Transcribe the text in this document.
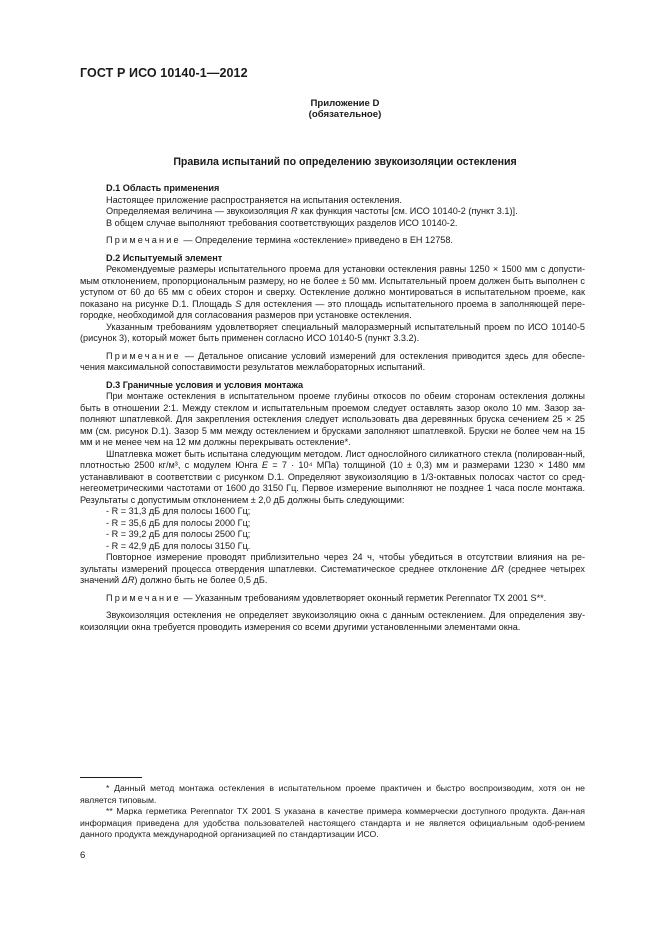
ГОСТ Р ИСО 10140-1—2012
Приложение D
(обязательное)
Правила испытаний по определению звукоизоляции остекления

D.1 Область применения

Настоящее приложение распространяется на испытания остекления.

Определяемая величина — звукоизоляция R как функция частоты [см. ИСО 10140-2 (пункт 3.1)].

В общем случае выполняют требования соответствующих разделов ИСО 10140-2.

Примечание — Определение термина «остекление» приведено в ЕН 12758.

D.2 Испытуемый элемент

Рекомендуемые размеры испытательного проема для установки остекления равны 1250 × 1500 мм с допусти-мым отклонением, пропорциональным размеру, но не более ± 50 мм. Испытательный проем должен быть выполнен с уступом от 60 до 65 мм с обеих сторон и сверху. Остекление должно монтироваться в испытательном проеме, как показано на рисунке D.1. Площадь S для остекления — это площадь испытательного проема в заполняющей пере-городке, необходимой для согласования размеров при установке остекления.

Указанным требованиям удовлетворяет специальный малоразмерный испытательный проем по ИСО 10140-5 (рисунок 3), который может быть применен согласно ИСО 10140-5 (пункт 3.3.2).

Примечание — Детальное описание условий измерений для остекления приводится здесь для обеспе-чения максимальной сопоставимости результатов межлабораторных испытаний.

D.3 Граничные условия и условия монтажа

При монтаже остекления в испытательном проеме глубины откосов по обеим сторонам остекления должны быть в отношении 2:1. Между стеклом и испытательным проемом следует оставлять зазор около 10 мм. Зазор за-полняют шпатлевкой. Для закрепления остекления следует использовать два деревянных бруска сечением 25 × 25 мм (см. рисунок D.1). Зазор 5 мм между остеклением и брусками заполняют шпатлевкой. Бруски не более чем на 15 мм и не менее чем на 12 мм должны перекрывать остекление*.

Шпатлевка может быть испытана следующим методом. Лист однослойного силикатного стекла (полирован-ный, плотностью 2500 кг/м³, с модулем Юнга E = 7 · 10⁴ МПа) толщиной (10 ± 0,3) мм и размерами 1230 × 1480 мм устанавливают в соответствии с рисунком D.1. Определяют звукоизоляцию в 1/3-октавных полосах частот со сред-негеометрическими частотами от 1600 до 3150 Гц. Первое измерение выполняют не позднее 1 часа после монтажа. Результаты с допустимым отклонением ± 2,0 дБ должны быть следующими:

- R = 31,3 дБ для полосы 1600 Гц;

- R = 35,6 дБ для полосы 2000 Гц;

- R = 39,2 дБ для полосы 2500 Гц;

- R = 42,9 дБ для полосы 3150 Гц.

Повторное измерение проводят приблизительно через 24 ч, чтобы убедиться в отсутствии влияния на ре-зультаты измерений процесса отвердения шпатлевки. Систематическое среднее отклонение ΔR (среднее четырех значений ΔR) должно быть не более 0,5 дБ.

Примечание — Указанным требованиям удовлетворяет оконный герметик Perennator TX 2001 S**.

Звукоизоляция остекления не определяет звукоизоляцию окна с данным остеклением. Для определения зву-коизоляции окна требуется проводить измерения со всеми другими установленными элементами окна.

* Данный метод монтажа остекления в испытательном проеме практичен и быстро воспроизводим, хотя он не является типовым.

** Марка герметика Perennator TX 2001 S указана в качестве примера коммерчески доступного продукта. Дан-ная информация приведена для удобства пользователей настоящего стандарта и не является официальным одоб-рением данного продукта международной организацией по стандартизации ИСО.

6
